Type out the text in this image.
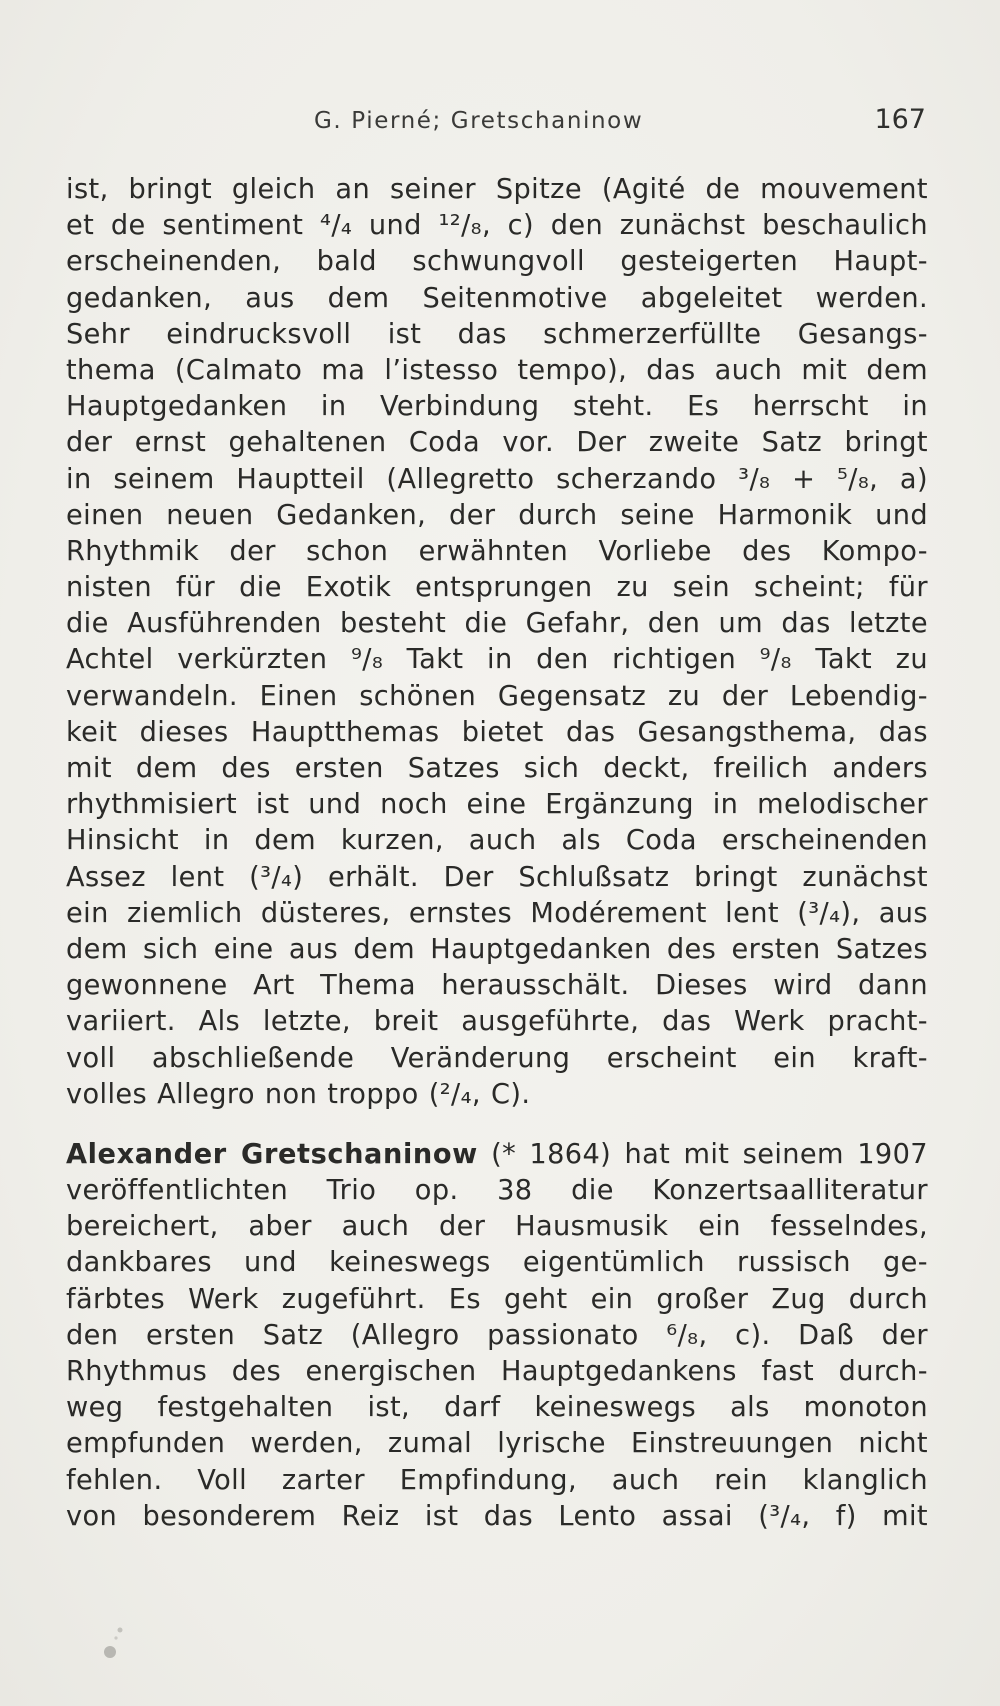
G. Pierné; Gretschaninow	167
ist, bringt gleich an seiner Spitze (Agité de mouvement
et de sentiment ⁴/₄ und ¹²/₈, c) den zunächst beschaulich
erscheinenden, bald schwungvoll gesteigerten Haupt-
gedanken, aus dem Seitenmotive abgeleitet werden.
Sehr eindrucksvoll ist das schmerzerfüllte Gesangs-
thema (Calmato ma l’istesso tempo), das auch mit dem
Hauptgedanken in Verbindung steht. Es herrscht in
der ernst gehaltenen Coda vor. Der zweite Satz bringt
in seinem Hauptteil (Allegretto scherzando ³/₈ + ⁵/₈, a)
einen neuen Gedanken, der durch seine Harmonik und
Rhythmik der schon erwähnten Vorliebe des Kompo-
nisten für die Exotik entsprungen zu sein scheint; für
die Ausführenden besteht die Gefahr, den um das letzte
Achtel verkürzten ⁹/₈ Takt in den richtigen ⁹/₈ Takt zu
verwandeln. Einen schönen Gegensatz zu der Lebendig-
keit dieses Hauptthemas bietet das Gesangsthema, das
mit dem des ersten Satzes sich deckt, freilich anders
rhythmisiert ist und noch eine Ergänzung in melodischer
Hinsicht in dem kurzen, auch als Coda erscheinenden
Assez lent (³/₄) erhält. Der Schlußsatz bringt zunächst
ein ziemlich düsteres, ernstes Modérement lent (³/₄), aus
dem sich eine aus dem Hauptgedanken des ersten Satzes
gewonnene Art Thema herausschält. Dieses wird dann
variiert. Als letzte, breit ausgeführte, das Werk pracht-
voll abschließende Veränderung erscheint ein kraft-
volles Allegro non troppo (²/₄, C).
Alexander Gretschaninow (* 1864) hat mit seinem 1907
veröffentlichten Trio op. 38 die Konzertsaalliteratur
bereichert, aber auch der Hausmusik ein fesselndes,
dankbares und keineswegs eigentümlich russisch ge-
färbtes Werk zugeführt. Es geht ein großer Zug durch
den ersten Satz (Allegro passionato ⁶/₈, c). Daß der
Rhythmus des energischen Hauptgedankens fast durch-
weg festgehalten ist, darf keineswegs als monoton
empfunden werden, zumal lyrische Einstreuungen nicht
fehlen. Voll zarter Empfindung, auch rein klanglich
von besonderem Reiz ist das Lento assai (³/₄, f) mit
